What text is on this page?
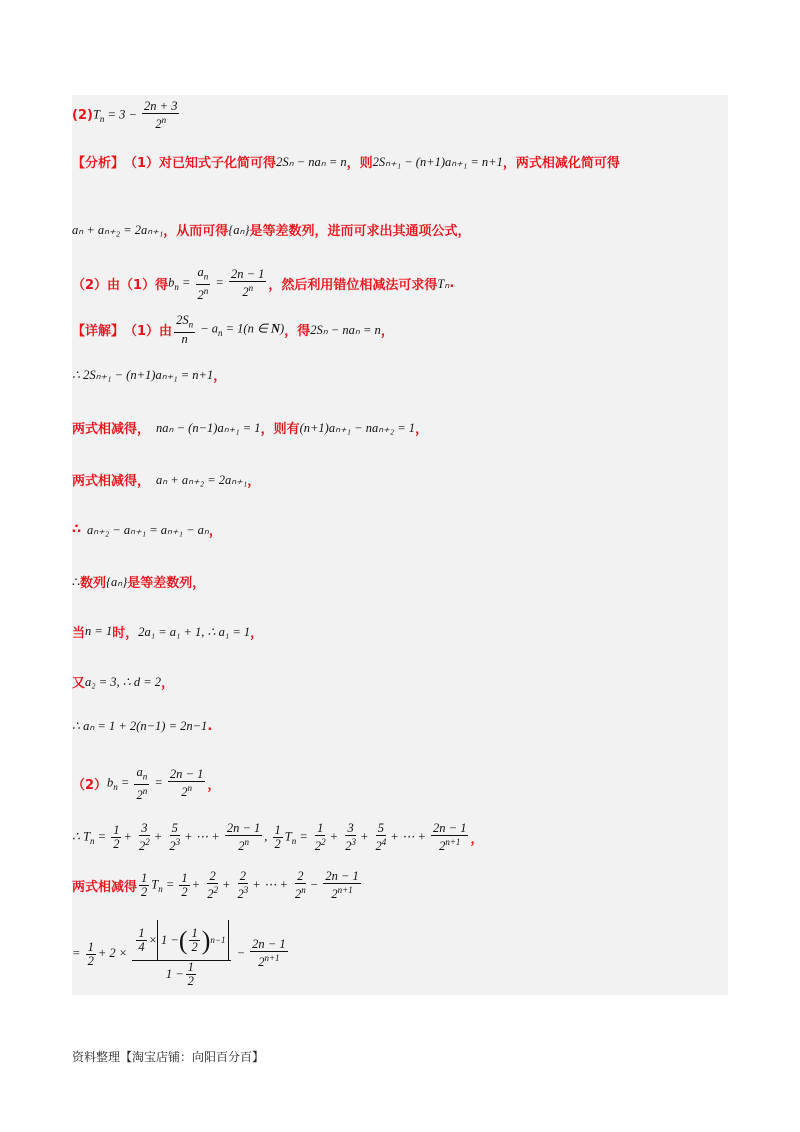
(2) $T_n = 3 - \frac{2n + 3}{2^n}$
【分析】 （1）对已知式子化简可得 2Sₙ − naₙ = n ，则 2Sₙ₊₁ − (n+1)aₙ₊₁ = n+1 ，两式相减化简可得
aₙ + aₙ₊₂ = 2aₙ₊₁ ，从而可得 {aₙ} 是等差数列，进而可求出其通项公式，
（2）由（1）得 $b_n = \frac{a_n}{2^n} = \frac{2n - 1}{2^n}$ ，然后利用错位相减法可求得 Tₙ .
【详解】 （1）由 $\frac{2S_n}{n} - a_n = 1(n$ ∈ N) ，得 2Sₙ − naₙ = n ，
∴ 2Sₙ₊₁ − (n+1)aₙ₊₁ = n+1 ，
两式相减得， naₙ − (n−1)aₙ₊₁ = 1 ，则有 (n+1)aₙ₊₁ − naₙ₊₂ = 1 ，
两式相减得， aₙ + aₙ₊₂ = 2aₙ₊₁ ，
∴ aₙ₊₂ − aₙ₊₁ = aₙ₊₁ − aₙ ，
∴ 数列 {aₙ} 是等差数列，
当 n = 1 时， 2a₁ = a₁ + 1, ∴ a₁ = 1 ，
又 a₂ = 3, ∴ d = 2 ，
∴ aₙ = 1 + 2(n−1) = 2n−1 .
（2） $b_n = \frac{a_n}{2^n} = \frac{2n - 1}{2^n}$ ，
∴ $T_n = \frac{1}{2} + \frac{3}{2^2} + \frac{5}{2^3}$ + ⋯ + $\frac{2n - 1}{2^n}$ , $\frac{1}{2} T_n = \frac{1}{2^2} + \frac{3}{2^3} + \frac{5}{2^4}$ + ⋯ + $\frac{2n - 1}{2^{n+1}}$ ，
两式相减得 $\frac{1}{2} T_n = \frac{1}{2} + \frac{2}{2^2} + \frac{2}{2^3}$ + ⋯ + $\frac{2}{2^n} - \frac{2n - 1}{2^{n+1}}$
= $\frac{1}{2} + 2 \times \frac{\frac{1}{4} \times 1 - ( \frac{1}{2} ) n-1}{1 - \frac{1}{2}} - \frac{2n - 1}{2^{n+1}}$
资料整理【淘宝店铺：向阳百分百】
